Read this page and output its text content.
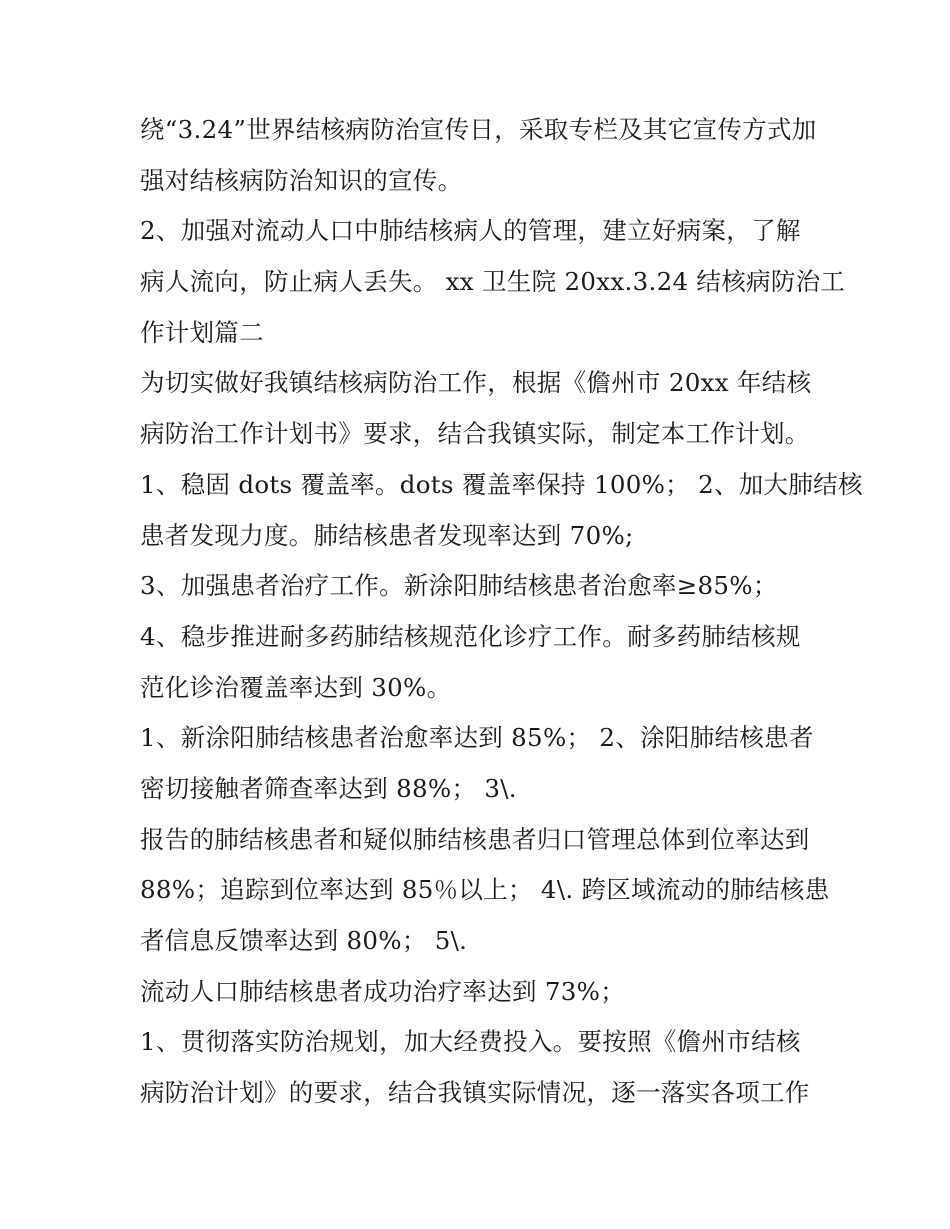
绕“3.24”世界结核病防治宣传日，采取专栏及其它宣传方式加
强对结核病防治知识的宣传。
2、加强对流动人口中肺结核病人的管理，建立好病案，了解
病人流向，防止病人丢失。 xx 卫生院 20xx.3.24 结核病防治工
作计划篇二
为切实做好我镇结核病防治工作，根据《儋州市 20xx 年结核
病防治工作计划书》要求，结合我镇实际，制定本工作计划。
1、稳固 dots 覆盖率。dots 覆盖率保持 100%； 2、加大肺结核
患者发现力度。肺结核患者发现率达到 70%;
3、加强患者治疗工作。新涂阳肺结核患者治愈率≥85%；
4、稳步推进耐多药肺结核规范化诊疗工作。耐多药肺结核规
范化诊治覆盖率达到 30%。
1、新涂阳肺结核患者治愈率达到 85%； 2、涂阳肺结核患者
密切接触者筛查率达到 88%； 3\.
报告的肺结核患者和疑似肺结核患者归口管理总体到位率达到
88%；追踪到位率达到 85％以上； 4\. 跨区域流动的肺结核患
者信息反馈率达到 80%； 5\.
流动人口肺结核患者成功治疗率达到 73%；
1、贯彻落实防治规划，加大经费投入。要按照《儋州市结核
病防治计划》的要求，结合我镇实际情况，逐一落实各项工作
